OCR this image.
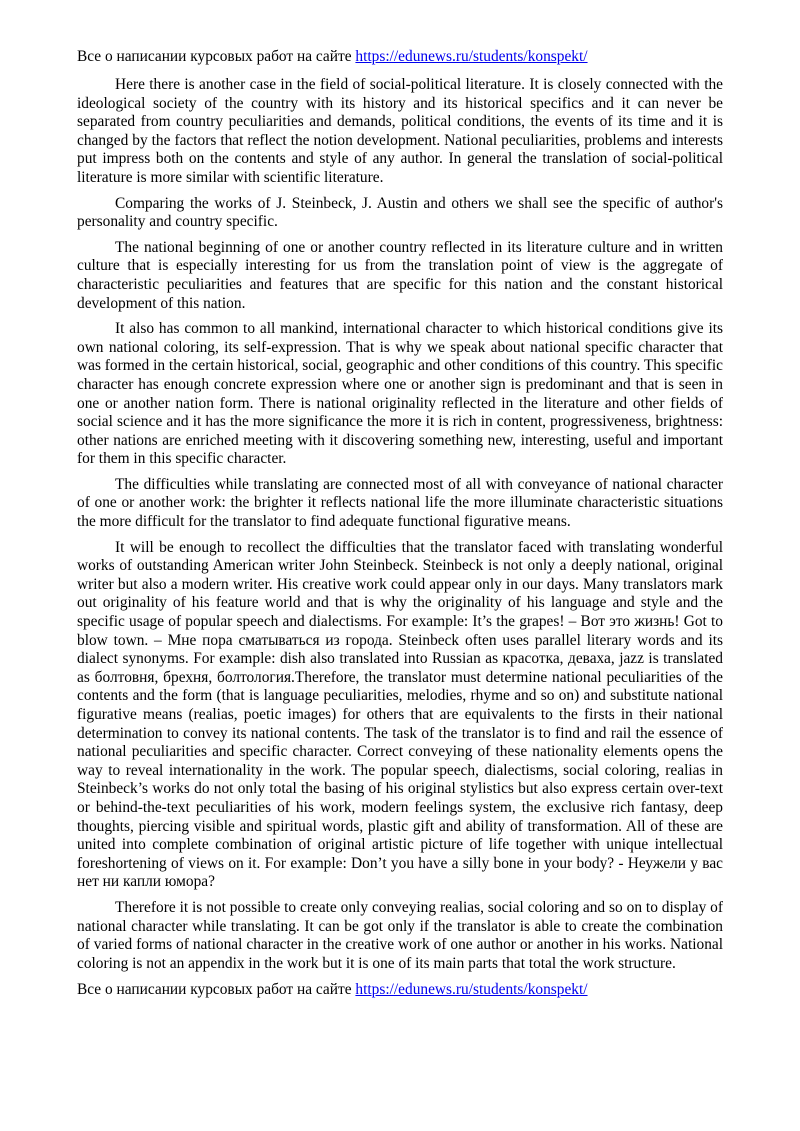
Все о написании курсовых работ на сайте https://edunews.ru/students/konspekt/

Here there is another case in the field of social-political literature. It is closely connected with the ideological society of the country with its history and its historical specifics and it can never be separated from country peculiarities and demands, political conditions, the events of its time and it is changed by the factors that reflect the notion development. National peculiarities, problems and interests put impress both on the contents and style of any author. In general the translation of social-political literature is more similar with scientific literature.

Comparing the works of J. Steinbeck, J. Austin and others we shall see the specific of author's personality and country specific.

The national beginning of one or another country reflected in its literature culture and in written culture that is especially interesting for us from the translation point of view is the aggregate of characteristic peculiarities and features that are specific for this nation and the constant historical development of this nation.

It also has common to all mankind, international character to which historical conditions give its own national coloring, its self-expression. That is why we speak about national specific character that was formed in the certain historical, social, geographic and other conditions of this country. This specific character has enough concrete expression where one or another sign is predominant and that is seen in one or another nation form. There is national originality reflected in the literature and other fields of social science and it has the more significance the more it is rich in content, progressiveness, brightness: other nations are enriched meeting with it discovering something new, interesting, useful and important for them in this specific character.

The difficulties while translating are connected most of all with conveyance of national character of one or another work: the brighter it reflects national life the more illuminate characteristic situations the more difficult for the translator to find adequate functional figurative means.

It will be enough to recollect the difficulties that the translator faced with translating wonderful works of outstanding American writer John Steinbeck. Steinbeck is not only a deeply national, original writer but also a modern writer. His creative work could appear only in our days. Many translators mark out originality of his feature world and that is why the originality of his language and style and the specific usage of popular speech and dialectisms. For example: It’s the grapes! – Вот это жизнь! Got to blow town. – Мне пора сматываться из города. Steinbeck often uses parallel literary words and its dialect synonyms. For example: dish also translated into Russian as красотка, деваха, jazz is translated as болтовня, брехня, болтология.Therefore, the translator must determine national peculiarities of the contents and the form (that is language peculiarities, melodies, rhyme and so on) and substitute national figurative means (realias, poetic images) for others that are equivalents to the firsts in their national determination to convey its national contents. The task of the translator is to find and rail the essence of national peculiarities and specific character. Correct conveying of these nationality elements opens the way to reveal internationality in the work. The popular speech, dialectisms, social coloring, realias in Steinbeck’s works do not only total the basing of his original stylistics but also express certain over-text or behind-the-text peculiarities of his work, modern feelings system, the exclusive rich fantasy, deep thoughts, piercing visible and spiritual words, plastic gift and ability of transformation. All of these are united into complete combination of original artistic picture of life together with unique intellectual foreshortening of views on it. For example: Don’t you have a silly bone in your body? - Неужели у вас нет ни капли юмора?

Therefore it is not possible to create only conveying realias, social coloring and so on to display of national character while translating. It can be got only if the translator is able to create the combination of varied forms of national character in the creative work of one author or another in his works. National coloring is not an appendix in the work but it is one of its main parts that total the work structure.

Все о написании курсовых работ на сайте https://edunews.ru/students/konspekt/
